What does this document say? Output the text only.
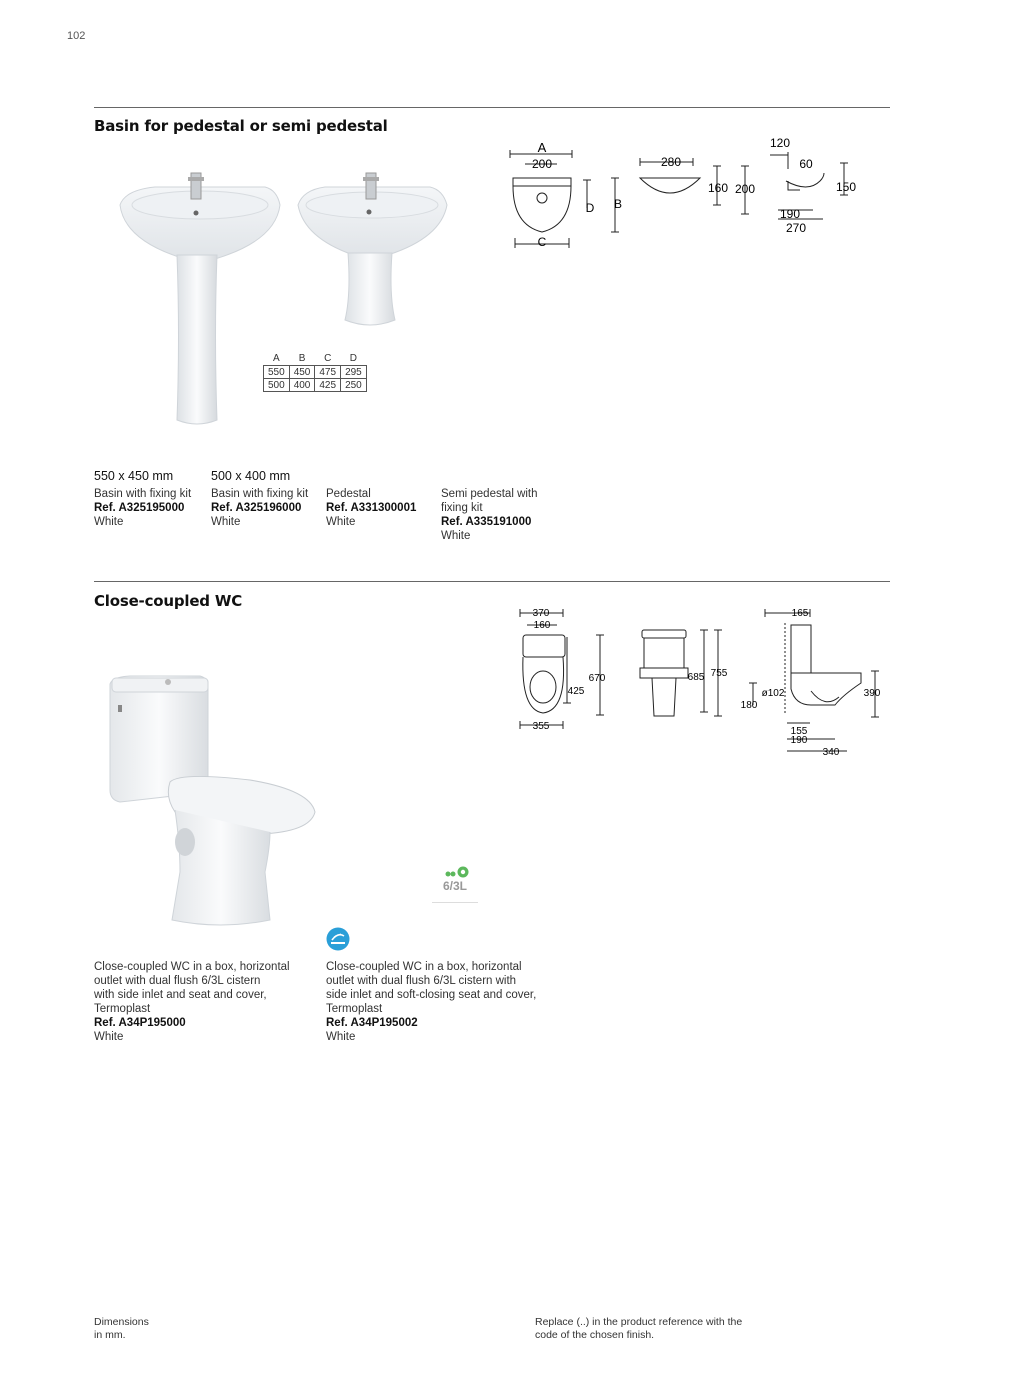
102
Basin for pedestal or semi pedestal
A	B	C	D
550	450	475	295
500	400	425	250
A
200
D B
C
280
160 200
120
60
150
190
270
550 x 450 mm	500 x 400 mm
Basin with fixing kit
Ref. A325195000
White
Basin with fixing kit
Ref. A325196000
White
Pedestal
Ref. A331300001
White
Semi pedestal with
fixing kit
Ref. A335191000
White
Close-coupled WC
370
160
670
425
355
685 755
165
ø102
180
390
155
190
340
6/3L
Close-coupled WC in a box, horizontal
outlet with dual flush 6/3L cistern
with side inlet and seat and cover,
Termoplast
Ref. A34P195000
White
Close-coupled WC in a box, horizontal
outlet with dual flush 6/3L cistern with
side inlet and soft-closing seat and cover,
Termoplast
Ref. A34P195002
White
Dimensions
in mm.
Replace (..) in the product reference with the
code of the chosen finish.
